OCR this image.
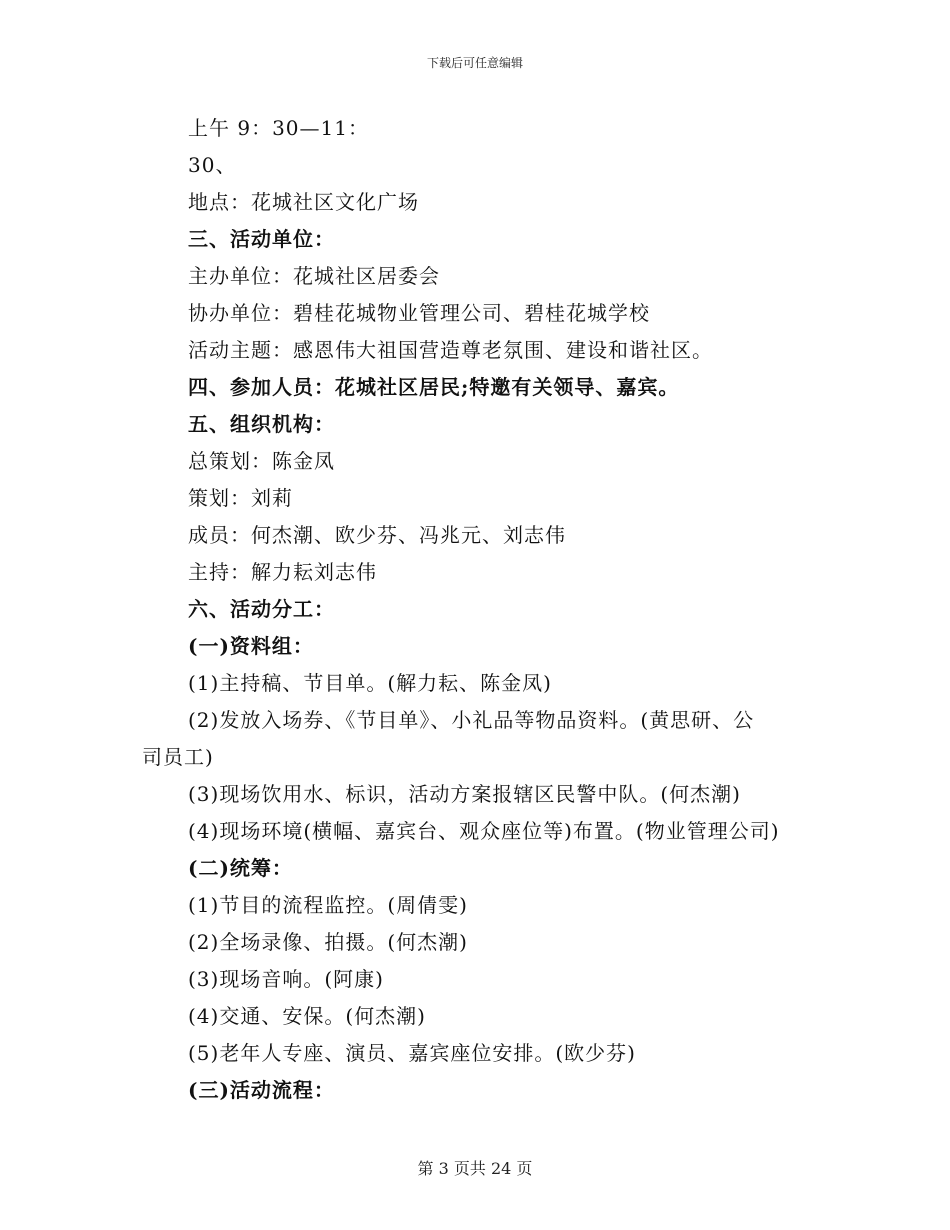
下载后可任意编辑
上午 9：30—11：
30、
地点：花城社区文化广场
三、活动单位：
主办单位：花城社区居委会
协办单位：碧桂花城物业管理公司、碧桂花城学校
活动主题：感恩伟大祖国营造尊老氛围、建设和谐社区。
四、参加人员：花城社区居民;特邀有关领导、嘉宾。
五、组织机构：
总策划：陈金凤
策划：刘莉
成员：何杰潮、欧少芬、冯兆元、刘志伟
主持：解力耘刘志伟
六、活动分工：
(一)资料组：
(1)主持稿、节目单。(解力耘、陈金凤)
(2)发放入场券、《节目单》、小礼品等物品资料。(黄思研、公
司员工)
(3)现场饮用水、标识，活动方案报辖区民警中队。(何杰潮)
(4)现场环境(横幅、嘉宾台、观众座位等)布置。(物业管理公司)
(二)统筹：
(1)节目的流程监控。(周倩雯)
(2)全场录像、拍摄。(何杰潮)
(3)现场音响。(阿康)
(4)交通、安保。(何杰潮)
(5)老年人专座、演员、嘉宾座位安排。(欧少芬)
(三)活动流程：
第 3 页共 24 页
